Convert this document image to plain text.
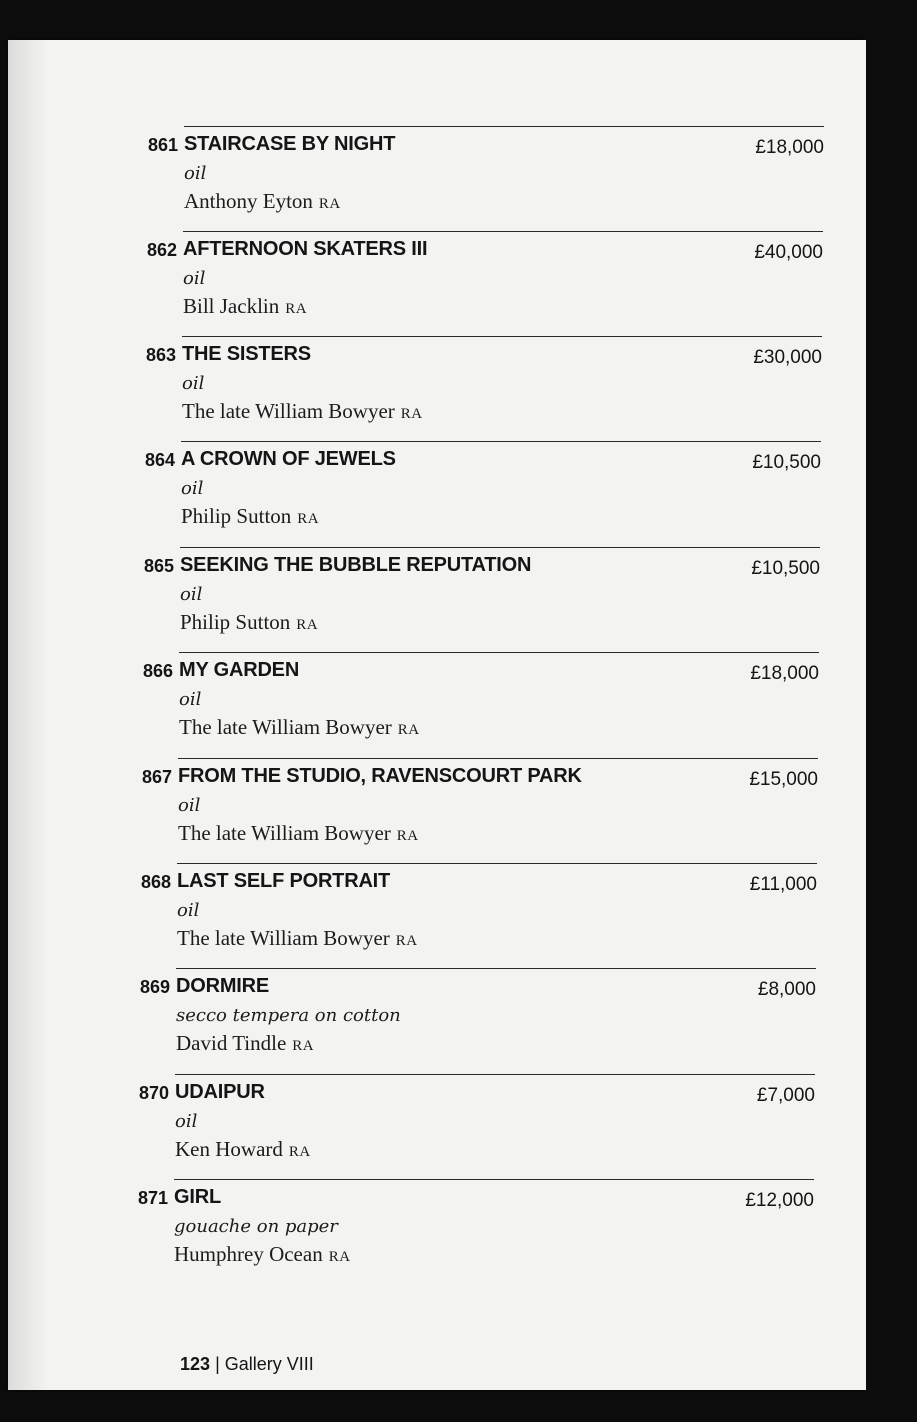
861 STAIRCASE BY NIGHT	£18,000
oil
Anthony Eyton RA
862 AFTERNOON SKATERS III	£40,000
oil
Bill Jacklin RA
863 THE SISTERS	£30,000
oil
The late William Bowyer RA
864 A CROWN OF JEWELS	£10,500
oil
Philip Sutton RA
865 SEEKING THE BUBBLE REPUTATION	£10,500
oil
Philip Sutton RA
866 MY GARDEN	£18,000
oil
The late William Bowyer RA
867 FROM THE STUDIO, RAVENSCOURT PARK	£15,000
oil
The late William Bowyer RA
868 LAST SELF PORTRAIT	£11,000
oil
The late William Bowyer RA
869 DORMIRE	£8,000
secco tempera on cotton
David Tindle RA
870 UDAIPUR	£7,000
oil
Ken Howard RA
871 GIRL	£12,000
gouache on paper
Humphrey Ocean RA
123 | Gallery VIII
